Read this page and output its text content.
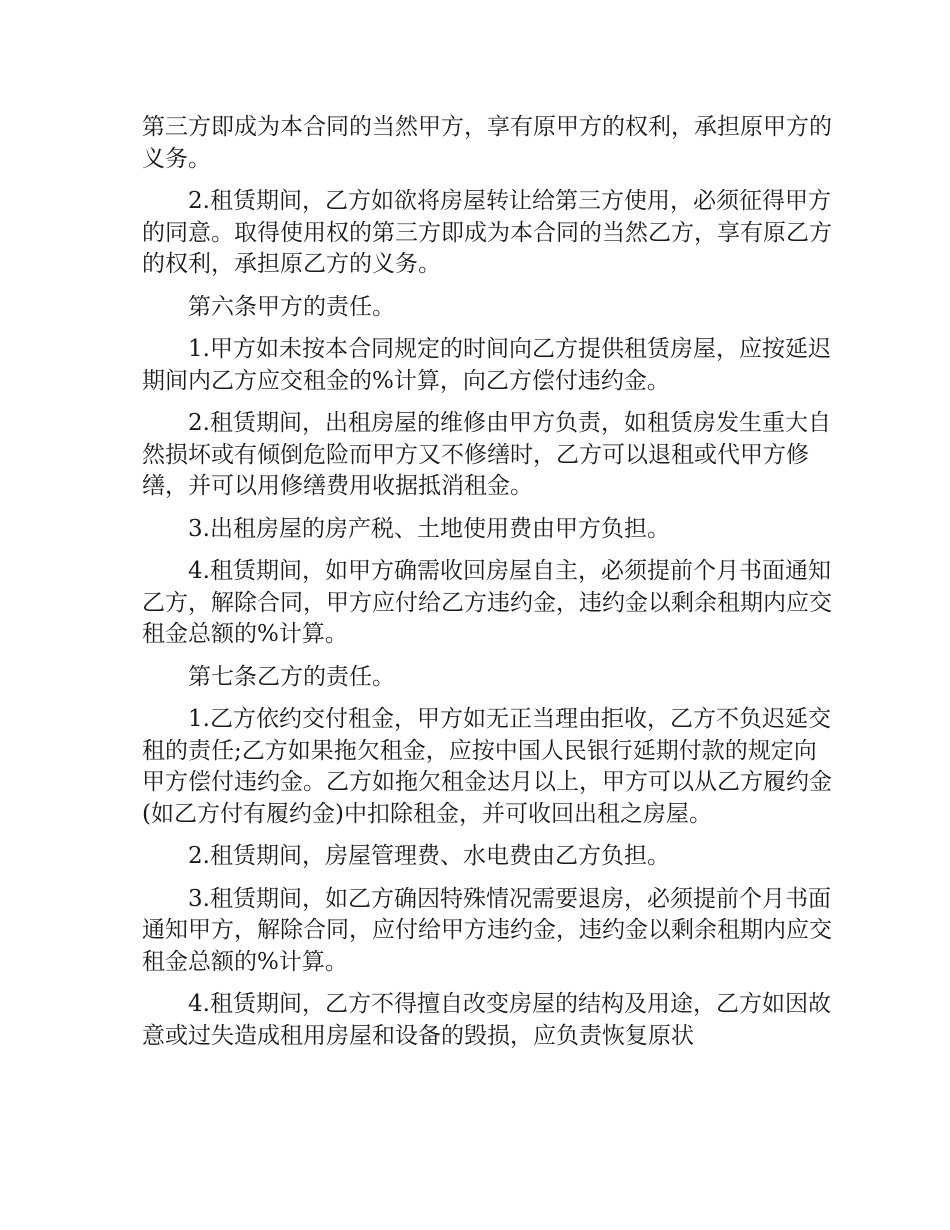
第三方即成为本合同的当然甲方，享有原甲方的权利，承担原甲方的义务。

2.租赁期间，乙方如欲将房屋转让给第三方使用，必须征得甲方的同意。取得使用权的第三方即成为本合同的当然乙方，享有原乙方的权利，承担原乙方的义务。

第六条甲方的责任。

1.甲方如未按本合同规定的时间向乙方提供租赁房屋，应按延迟期间内乙方应交租金的%计算，向乙方偿付违约金。

2.租赁期间，出租房屋的维修由甲方负责，如租赁房发生重大自然损坏或有倾倒危险而甲方又不修缮时，乙方可以退租或代甲方修缮，并可以用修缮费用收据抵消租金。

3.出租房屋的房产税、土地使用费由甲方负担。

4.租赁期间，如甲方确需收回房屋自主，必须提前个月书面通知乙方，解除合同，甲方应付给乙方违约金，违约金以剩余租期内应交租金总额的%计算。

第七条乙方的责任。

1.乙方依约交付租金，甲方如无正当理由拒收，乙方不负迟延交租的责任;乙方如果拖欠租金，应按中国人民银行延期付款的规定向甲方偿付违约金。乙方如拖欠租金达月以上，甲方可以从乙方履约金(如乙方付有履约金)中扣除租金，并可收回出租之房屋。

2.租赁期间，房屋管理费、水电费由乙方负担。

3.租赁期间，如乙方确因特殊情况需要退房，必须提前个月书面通知甲方，解除合同，应付给甲方违约金，违约金以剩余租期内应交租金总额的%计算。

4.租赁期间，乙方不得擅自改变房屋的结构及用途，乙方如因故意或过失造成租用房屋和设备的毁损，应负责恢复原状
